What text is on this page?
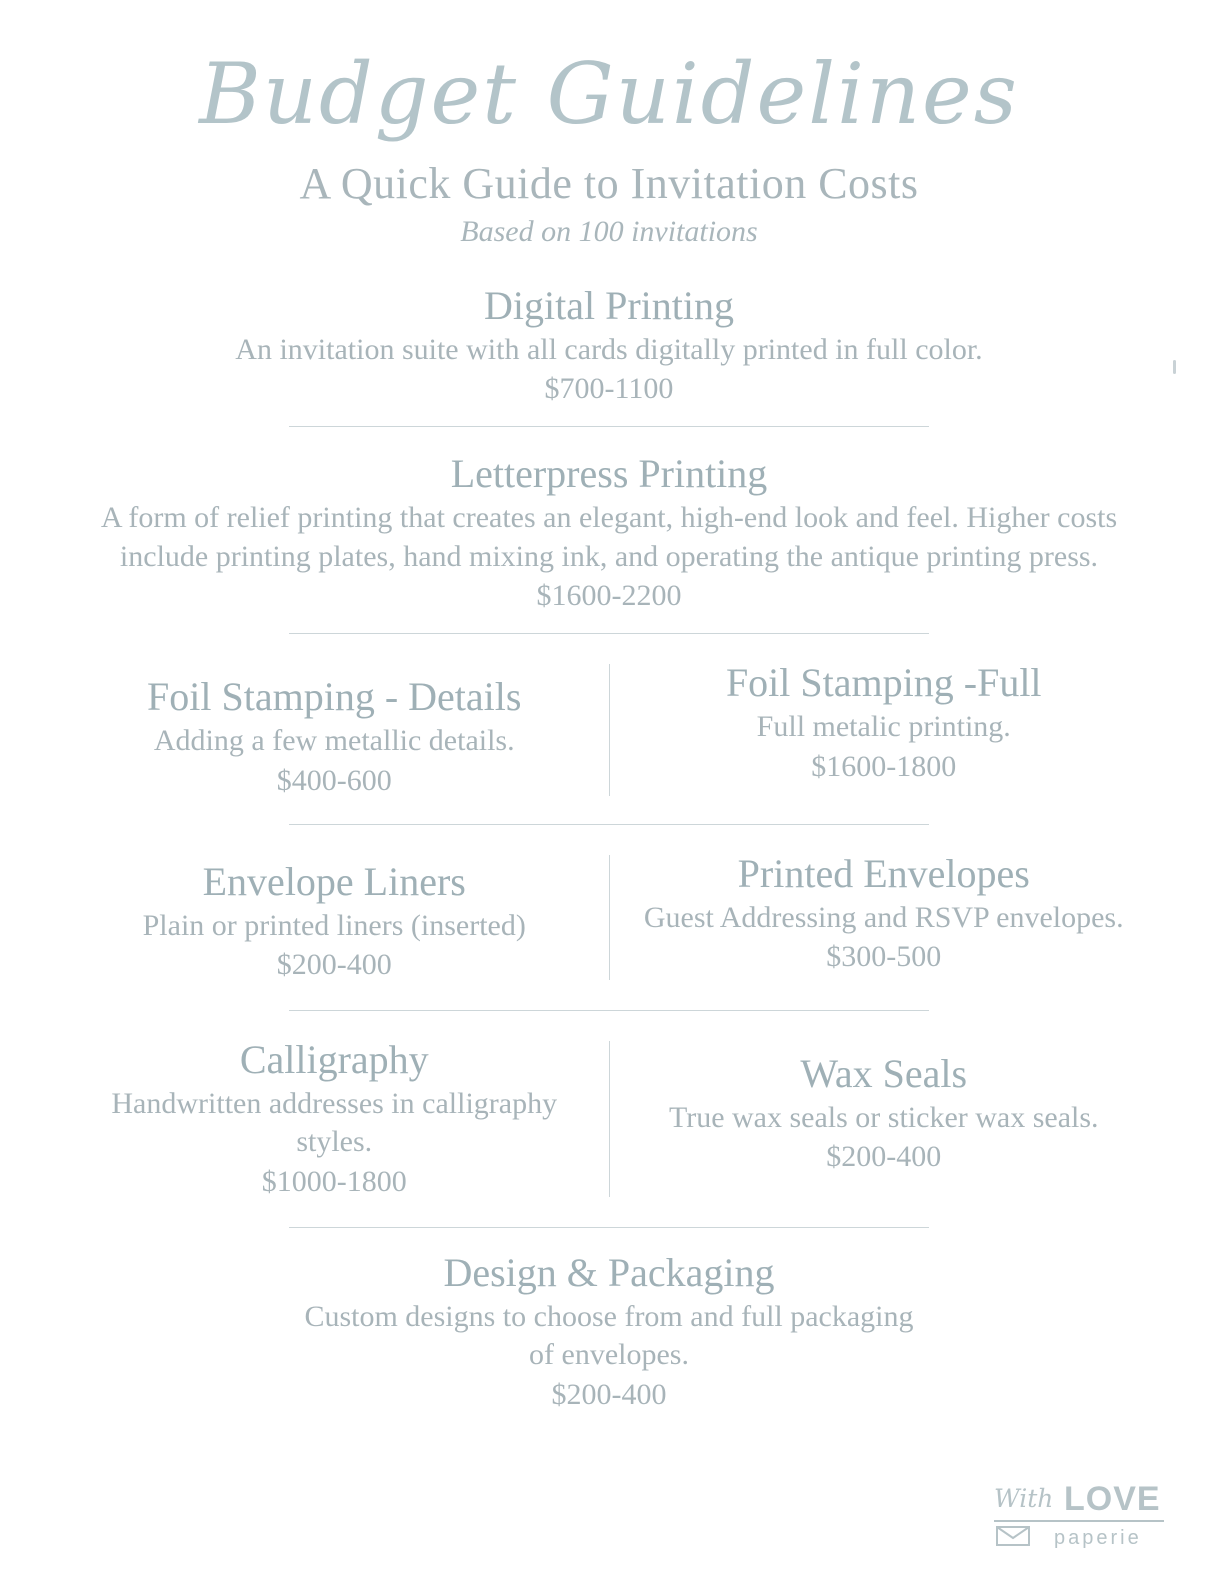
Budget Guidelines
A Quick Guide to Invitation Costs
Based on 100 invitations
Digital Printing
An invitation suite with all cards digitally printed in full color.
$700-1100
Letterpress Printing
A form of relief printing that creates an elegant, high-end look and feel. Higher costs include printing plates, hand mixing ink, and operating the antique printing press.
$1600-2200
Foil Stamping - Details
Adding a few metallic details.
$400-600
Foil Stamping -Full
Full metalic printing.
$1600-1800
Envelope Liners
Plain or printed liners (inserted)
$200-400
Printed Envelopes
Guest Addressing and RSVP envelopes.
$300-500
Calligraphy
Handwritten addresses in calligraphy styles.
$1000-1800
Wax Seals
True wax seals or sticker wax seals.
$200-400
Design & Packaging
Custom designs to choose from and full packaging of envelopes.
$200-400
With LOVE
paperie
